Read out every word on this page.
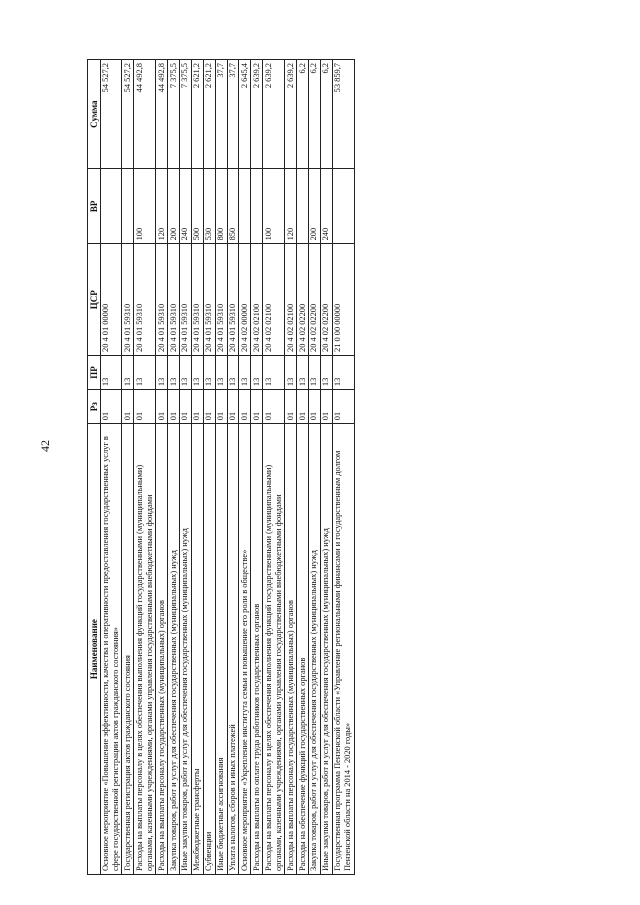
42
Наименование	Рз	ПР	ЦСР	ВР	Сумма
Основное мероприятие «Повышение эффективности, качества и оперативности предоставления государственных услуг в сфере государственной регистрации актов гражданского состояния»	01	13	20 4 01 00000		54 527,2
Государственная регистрация актов гражданского состояния	01	13	20 4 01 59310		54 527,2
Расходы на выплаты персоналу в целях обеспечения выполнения функций государственными (муниципальными) органами, казенными учреждениями, органами управления государственными внебюджетными фондами	01	13	20 4 01 59310	100	44 492,8
Расходы на выплаты персоналу государственных (муниципальных) органов	01	13	20 4 01 59310	120	44 492,8
Закупка товаров, работ и услуг для обеспечения государственных (муниципальных) нужд	01	13	20 4 01 59310	200	7 375,5
Иные закупки товаров, работ и услуг для обеспечения государственных (муниципальных) нужд	01	13	20 4 01 59310	240	7 375,5
Межбюджетные трансферты	01	13	20 4 01 59310	500	2 621,2
Субвенции	01	13	20 4 01 59310	530	2 621,2
Иные бюджетные ассигнования	01	13	20 4 01 59310	800	37,7
Уплата налогов, сборов и иных платежей	01	13	20 4 01 59310	850	37,7
Основное мероприятие «Укрепление института семьи и повышение его роли в обществе»	01	13	20 4 02 00000		2 645,4
Расходы на выплаты по оплате труда работников государственных органов	01	13	20 4 02 02100		2 639,2
Расходы на выплаты персоналу в целях обеспечения выполнения функций государственными (муниципальными) органами, казенными учреждениями, органами управления государственными внебюджетными фондами	01	13	20 4 02 02100	100	2 639,2
Расходы на выплаты персоналу государственных (муниципальных) органов	01	13	20 4 02 02100	120	2 639,2
Расходы на обеспечение функций государственных органов	01	13	20 4 02 02200		6,2
Закупка товаров, работ и услуг для обеспечения государственных (муниципальных) нужд	01	13	20 4 02 02200	200	6,2
Иные закупки товаров, работ и услуг для обеспечения государственных (муниципальных) нужд	01	13	20 4 02 02200	240	6,2
Государственная программа Пензенской области «Управление региональными финансами и государственным долгом Пензенской области на 2014 - 2020 годы»	01	13	21 0 00 00000		53 859,7
